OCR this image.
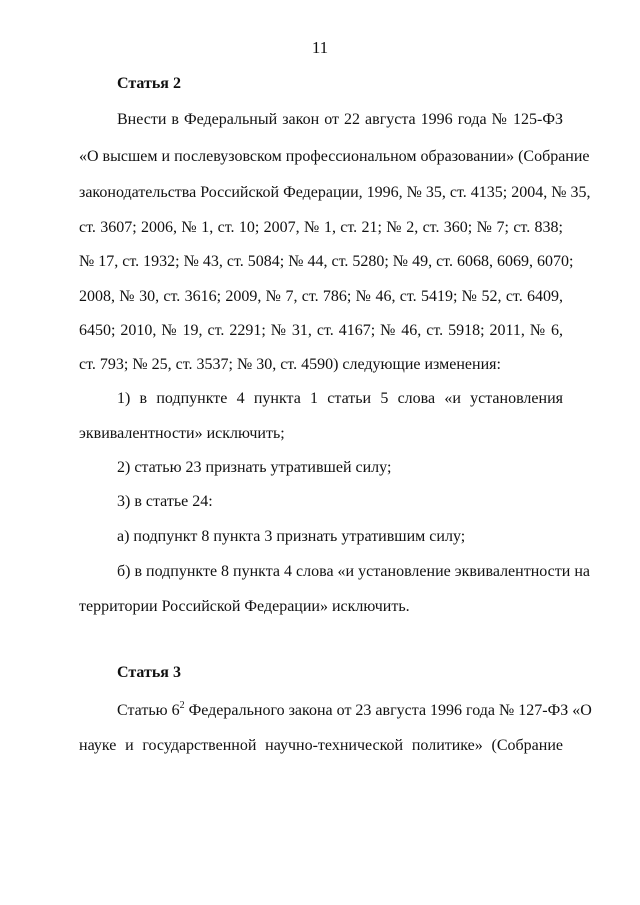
11
Статья 2
Внести в Федеральный закон от 22 августа 1996 года № 125-ФЗ
«О высшем и послевузовском профессиональном образовании» (Собрание
законодательства Российской Федерации, 1996, № 35, ст. 4135; 2004, № 35,
ст. 3607; 2006, № 1, ст. 10; 2007, № 1, ст. 21; № 2, ст. 360; № 7; ст. 838;
№ 17, ст. 1932; № 43, ст. 5084; № 44, ст. 5280; № 49, ст. 6068, 6069, 6070;
2008, № 30, ст. 3616; 2009, № 7, ст. 786; № 46, ст. 5419; № 52, ст. 6409,
6450; 2010, № 19, ст. 2291; № 31, ст. 4167; № 46, ст. 5918; 2011, № 6,
ст. 793; № 25, ст. 3537; № 30, ст. 4590) следующие изменения:
1) в подпункте 4 пункта 1 статьи 5 слова «и установления
эквивалентности» исключить;
2) статью 23 признать утратившей силу;
3) в статье 24:
а) подпункт 8 пункта 3 признать утратившим силу;
б) в подпункте 8 пункта 4 слова «и установление эквивалентности на
территории Российской Федерации» исключить.
Статья 3
Статью $6^2$ Федерального закона от 23 августа 1996 года № 127-ФЗ «О
науке и государственной научно-технической политике» (Собрание
